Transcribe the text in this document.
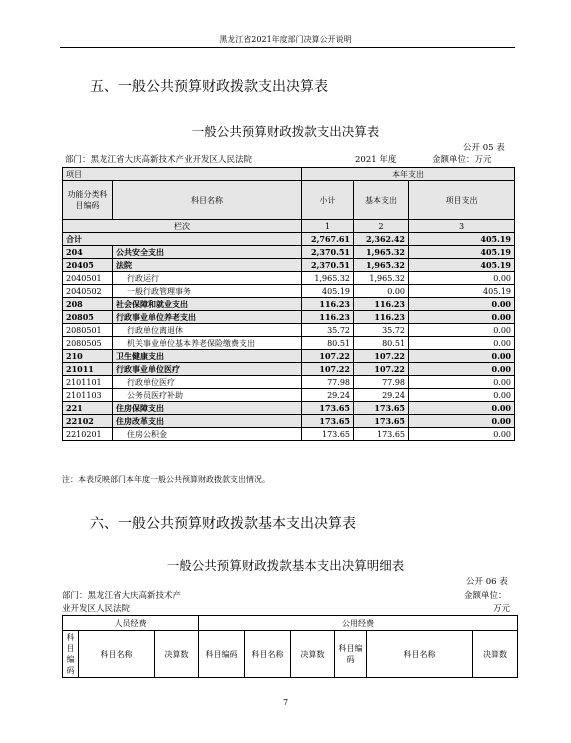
黑龙江省2021年度部门决算公开说明
五、一般公共预算财政拨款支出决算表
一般公共预算财政拨款支出决算表
公开 05 表
部门：黑龙江省大庆高新技术产业开发区人民法院	2021 年度	金额单位：万元
项目		本年支出		
功能分类科目编码	科目名称	小计	基本支出	项目支出
栏次		1	2	3
合计		2,767.61	2,362.42	405.19
204	公共安全支出	2,370.51	1,965.32	405.19
20405	法院	2,370.51	1,965.32	405.19
2040501	行政运行	1,965.32	1,965.32	0.00
2040502	一般行政管理事务	405.19	0.00	405.19
208	社会保障和就业支出	116.23	116.23	0.00
20805	行政事业单位养老支出	116.23	116.23	0.00
2080501	行政单位离退休	35.72	35.72	0.00
2080505	机关事业单位基本养老保险缴费支出	80.51	80.51	0.00
210	卫生健康支出	107.22	107.22	0.00
21011	行政事业单位医疗	107.22	107.22	0.00
2101101	行政单位医疗	77.98	77.98	0.00
2101103	公务员医疗补助	29.24	29.24	0.00
221	住房保障支出	173.65	173.65	0.00
22102	住房改革支出	173.65	173.65	0.00
2210201	住房公积金	173.65	173.65	0.00
注：本表反映部门本年度一般公共预算财政拨款支出情况。
六、一般公共预算财政拨款基本支出决算表
一般公共预算财政拨款基本支出决算明细表
公开 06 表
部门：黑龙江省大庆高新技术产
业开发区人民法院
金额单位：
万元
人员经费			公用经费					
科目编码	科目名称	决算数	科目编码	科目名称	决算数	科目编码	科目名称	决算数
7
